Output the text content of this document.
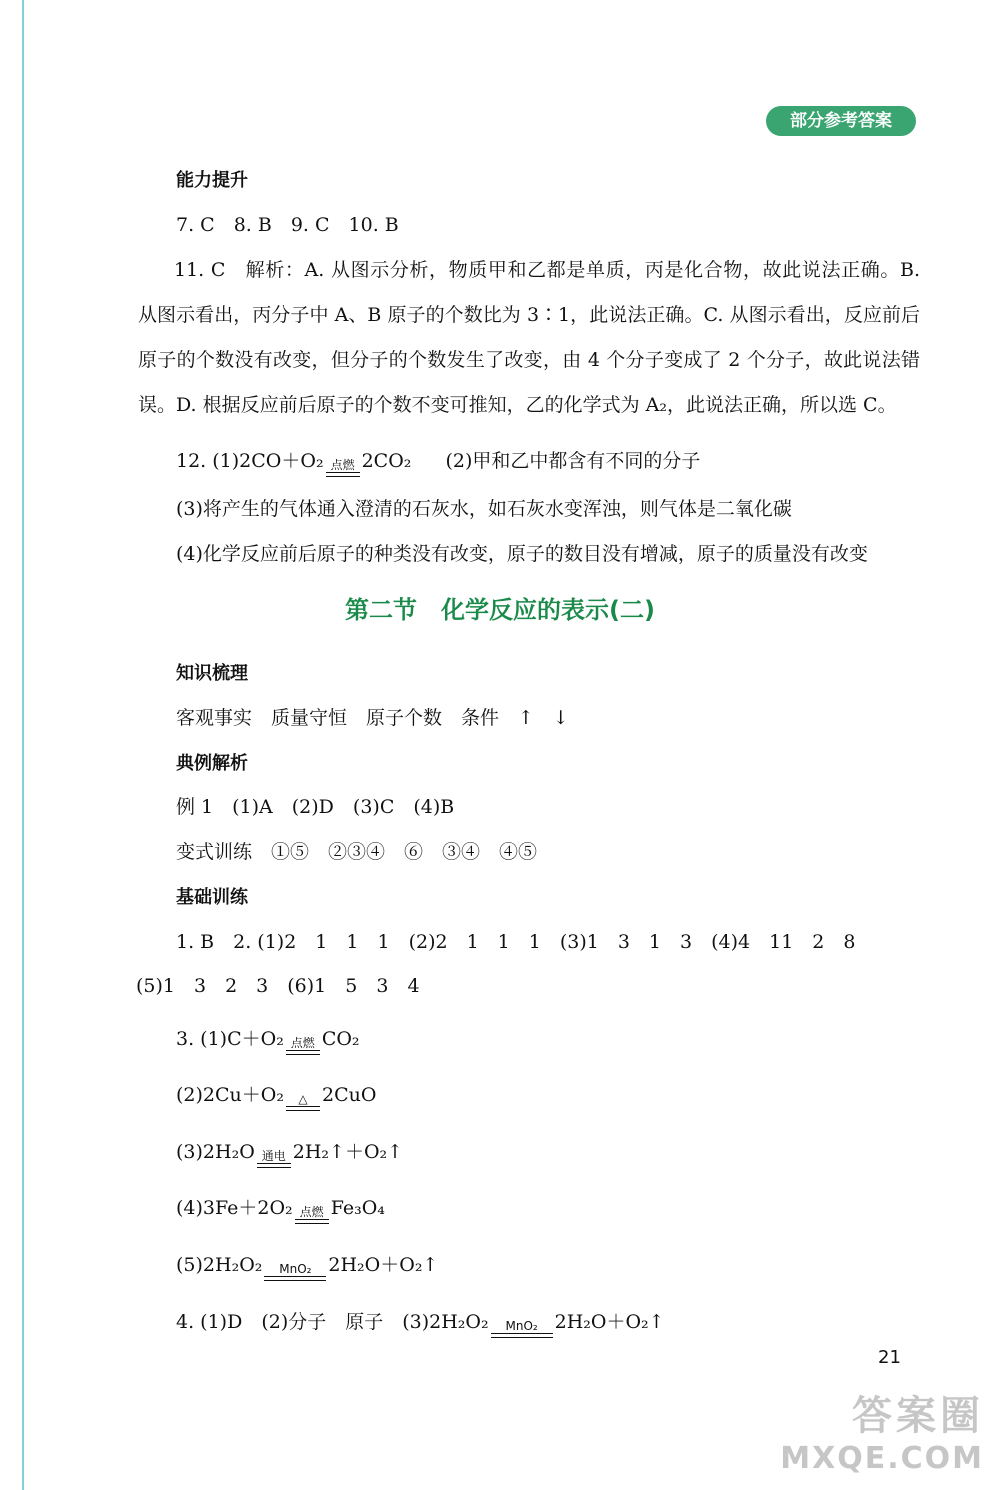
部分参考答案
能力提升
7. C　8. B　9. C　10. B
11. C　解析：A. 从图示分析，物质甲和乙都是单质，丙是化合物，故此说法正确。B. 从图示看出，丙分子中 A、B 原子的个数比为 3∶1，此说法正确。C. 从图示看出，反应前后原子的个数没有改变，但分子的个数发生了改变，由 4 个分子变成了 2 个分子，故此说法错误。D. 根据反应前后原子的个数不变可推知，乙的化学式为 A₂，此说法正确，所以选 C。
12. (1)2CO＋O₂ 点燃 2CO₂ (2)甲和乙中都含有不同的分子
(3)将产生的气体通入澄清的石灰水，如石灰水变浑浊，则气体是二氧化碳
(4)化学反应前后原子的种类没有改变，原子的数目没有增减，原子的质量没有改变
第二节　化学反应的表示(二)
知识梳理
客观事实　质量守恒　原子个数　条件　↑　↓
典例解析
例 1　(1)A　(2)D　(3)C　(4)B
变式训练　①⑤　②③④　⑥　③④　④⑤
基础训练
1. B　2. (1)2　1　1　1　(2)2　1　1　1　(3)1　3　1　3　(4)4　11　2　8
(5)1　3　2　3　(6)1　5　3　4
3. (1)C＋O₂ 点燃 CO₂
(2)2Cu＋O₂ △ 2CuO
(3)2H₂O 通电 2H₂↑＋O₂↑
(4)3Fe＋2O₂ 点燃 Fe₃O₄
(5)2H₂O₂ MnO₂ 2H₂O＋O₂↑
4. (1)D　(2)分子　原子　(3)2H₂O₂ MnO₂ 2H₂O＋O₂↑
21
答案圈
MXQE.COM
